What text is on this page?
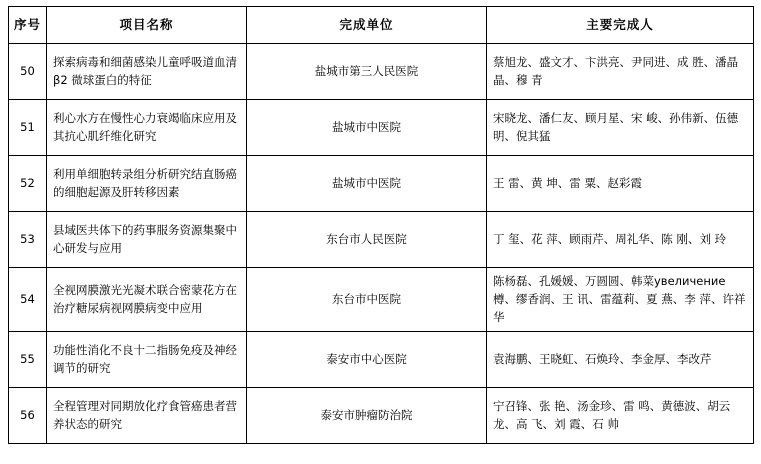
序号	项目名称	完成单位	主要完成人
50	探索病毒和细菌感染儿童呼吸道血清β2 微球蛋白的特征	盐城市第三人民医院	蔡旭龙、盛文才、卞洪亮、尹同进、成 胜、潘晶晶、穆 青
51	利心水方在慢性心力衰竭临床应用及其抗心肌纤维化研究	盐城市中医院	宋晓龙、潘仁友、顾月星、宋 峻、孙伟新、伍德明、倪其猛
52	利用单细胞转录组分析研究结直肠癌的细胞起源及肝转移因素	盐城市中医院	王 雷、黄 坤、雷 粟、赵彩霞
53	县域医共体下的药事服务资源集聚中心研发与应用	东台市人民医院	丁 玺、花 萍、顾雨芹、周礼华、陈 刚、刘 玲
54	全视网膜激光光凝术联合密蒙花方在治疗糖尿病视网膜病变中应用	东台市中医院	陈杨磊、孔媛媛、万圆圆、韩菜увеличение樽、缪香润、王 讯、雷蕴莉、夏 燕、李 萍、许祥华
55	功能性消化不良十二指肠免疫及神经调节的研究	泰安市中心医院	袁海鹏、王晓虹、石焕玲、李金厚、李改芹
56	全程管理对同期放化疗食管癌患者营养状态的研究	泰安市肿瘤防治院	宁召锋、张 艳、汤金珍、雷 鸣、黄德波、胡云龙、高 飞、刘 霞、石 帅
